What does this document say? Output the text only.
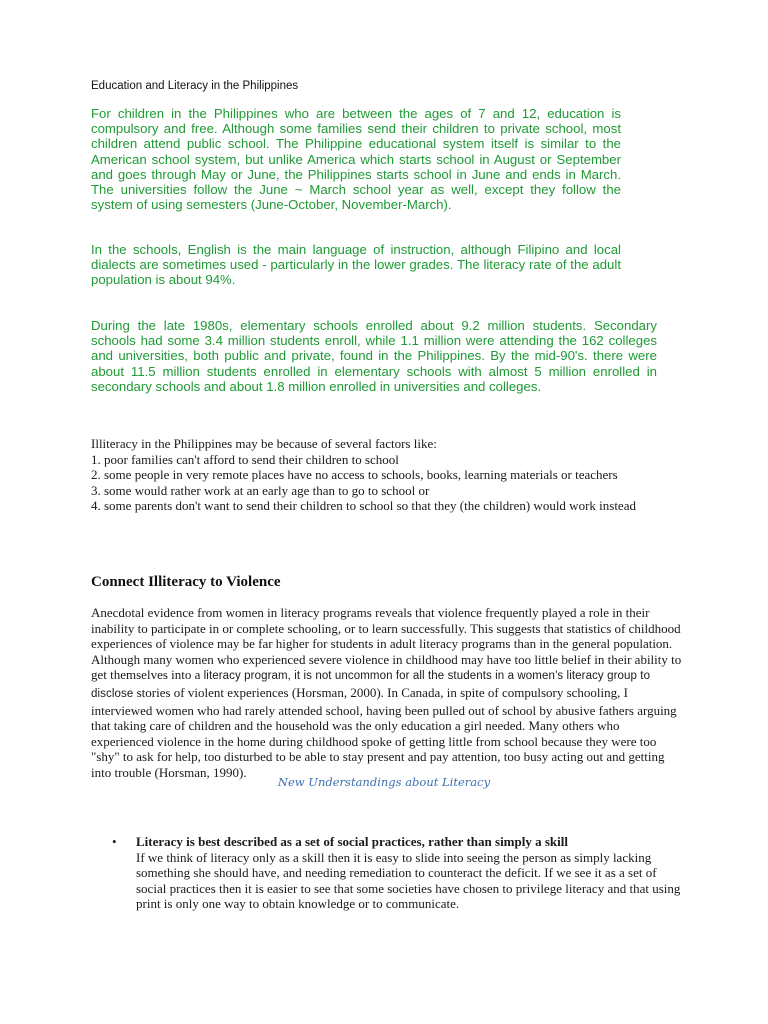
Education and Literacy in the Philippines

For children in the Philippines who are between the ages of 7 and 12, education is compulsory and free. Although some families send their children to private school, most children attend public school. The Philippine educational system itself is similar to the American school system, but unlike America which starts school in August or September and goes through May or June, the Philippines starts school in June and ends in March. The universities follow the June ~ March school year as well, except they follow the system of using semesters (June-October, November-March).

In the schools, English is the main language of instruction, although Filipino and local dialects are sometimes used - particularly in the lower grades. The literacy rate of the adult population is about 94%.

During the late 1980s, elementary schools enrolled about 9.2 million students. Secondary schools had some 3.4 million students enroll, while 1.1 million were attending the 162 colleges and universities, both public and private, found in the Philippines. By the mid-90's. there were about 11.5 million students enrolled in elementary schools with almost 5 million enrolled in secondary schools and about 1.8 million enrolled in universities and colleges.

Illiteracy in the Philippines may be because of several factors like:
1. poor families can't afford to send their children to school
2. some people in very remote places have no access to schools, books, learning materials or teachers
3. some would rather work at an early age than to go to school or
4. some parents don't want to send their children to school so that they (the children) would work instead
Connect Illiteracy to Violence
Anecdotal evidence from women in literacy programs reveals that violence frequently played a role in their inability to participate in or complete schooling, or to learn successfully. This suggests that statistics of childhood experiences of violence may be far higher for students in adult literacy programs than in the general population. Although many women who experienced severe violence in childhood may have too little belief in their ability to get themselves into a literacy program, it is not uncommon for all the students in a women’s literacy group to disclose stories of violent experiences (Horsman, 2000). In Canada, in spite of compulsory schooling, I interviewed women who had rarely attended school, having been pulled out of school by abusive fathers arguing that taking care of children and the household was the only education a girl needed. Many others who experienced violence in the home during childhood spoke of getting little from school because they were too "shy" to ask for help, too disturbed to be able to stay present and pay attention, too busy acting out and getting into trouble (Horsman, 1990).
New Understandings about Literacy
• Literacy is best described as a set of social practices, rather than simply a skill
If we think of literacy only as a skill then it is easy to slide into seeing the person as simply lacking something she should have, and needing remediation to counteract the deficit. If we see it as a set of social practices then it is easier to see that some societies have chosen to privilege literacy and that using print is only one way to obtain knowledge or to communicate.
